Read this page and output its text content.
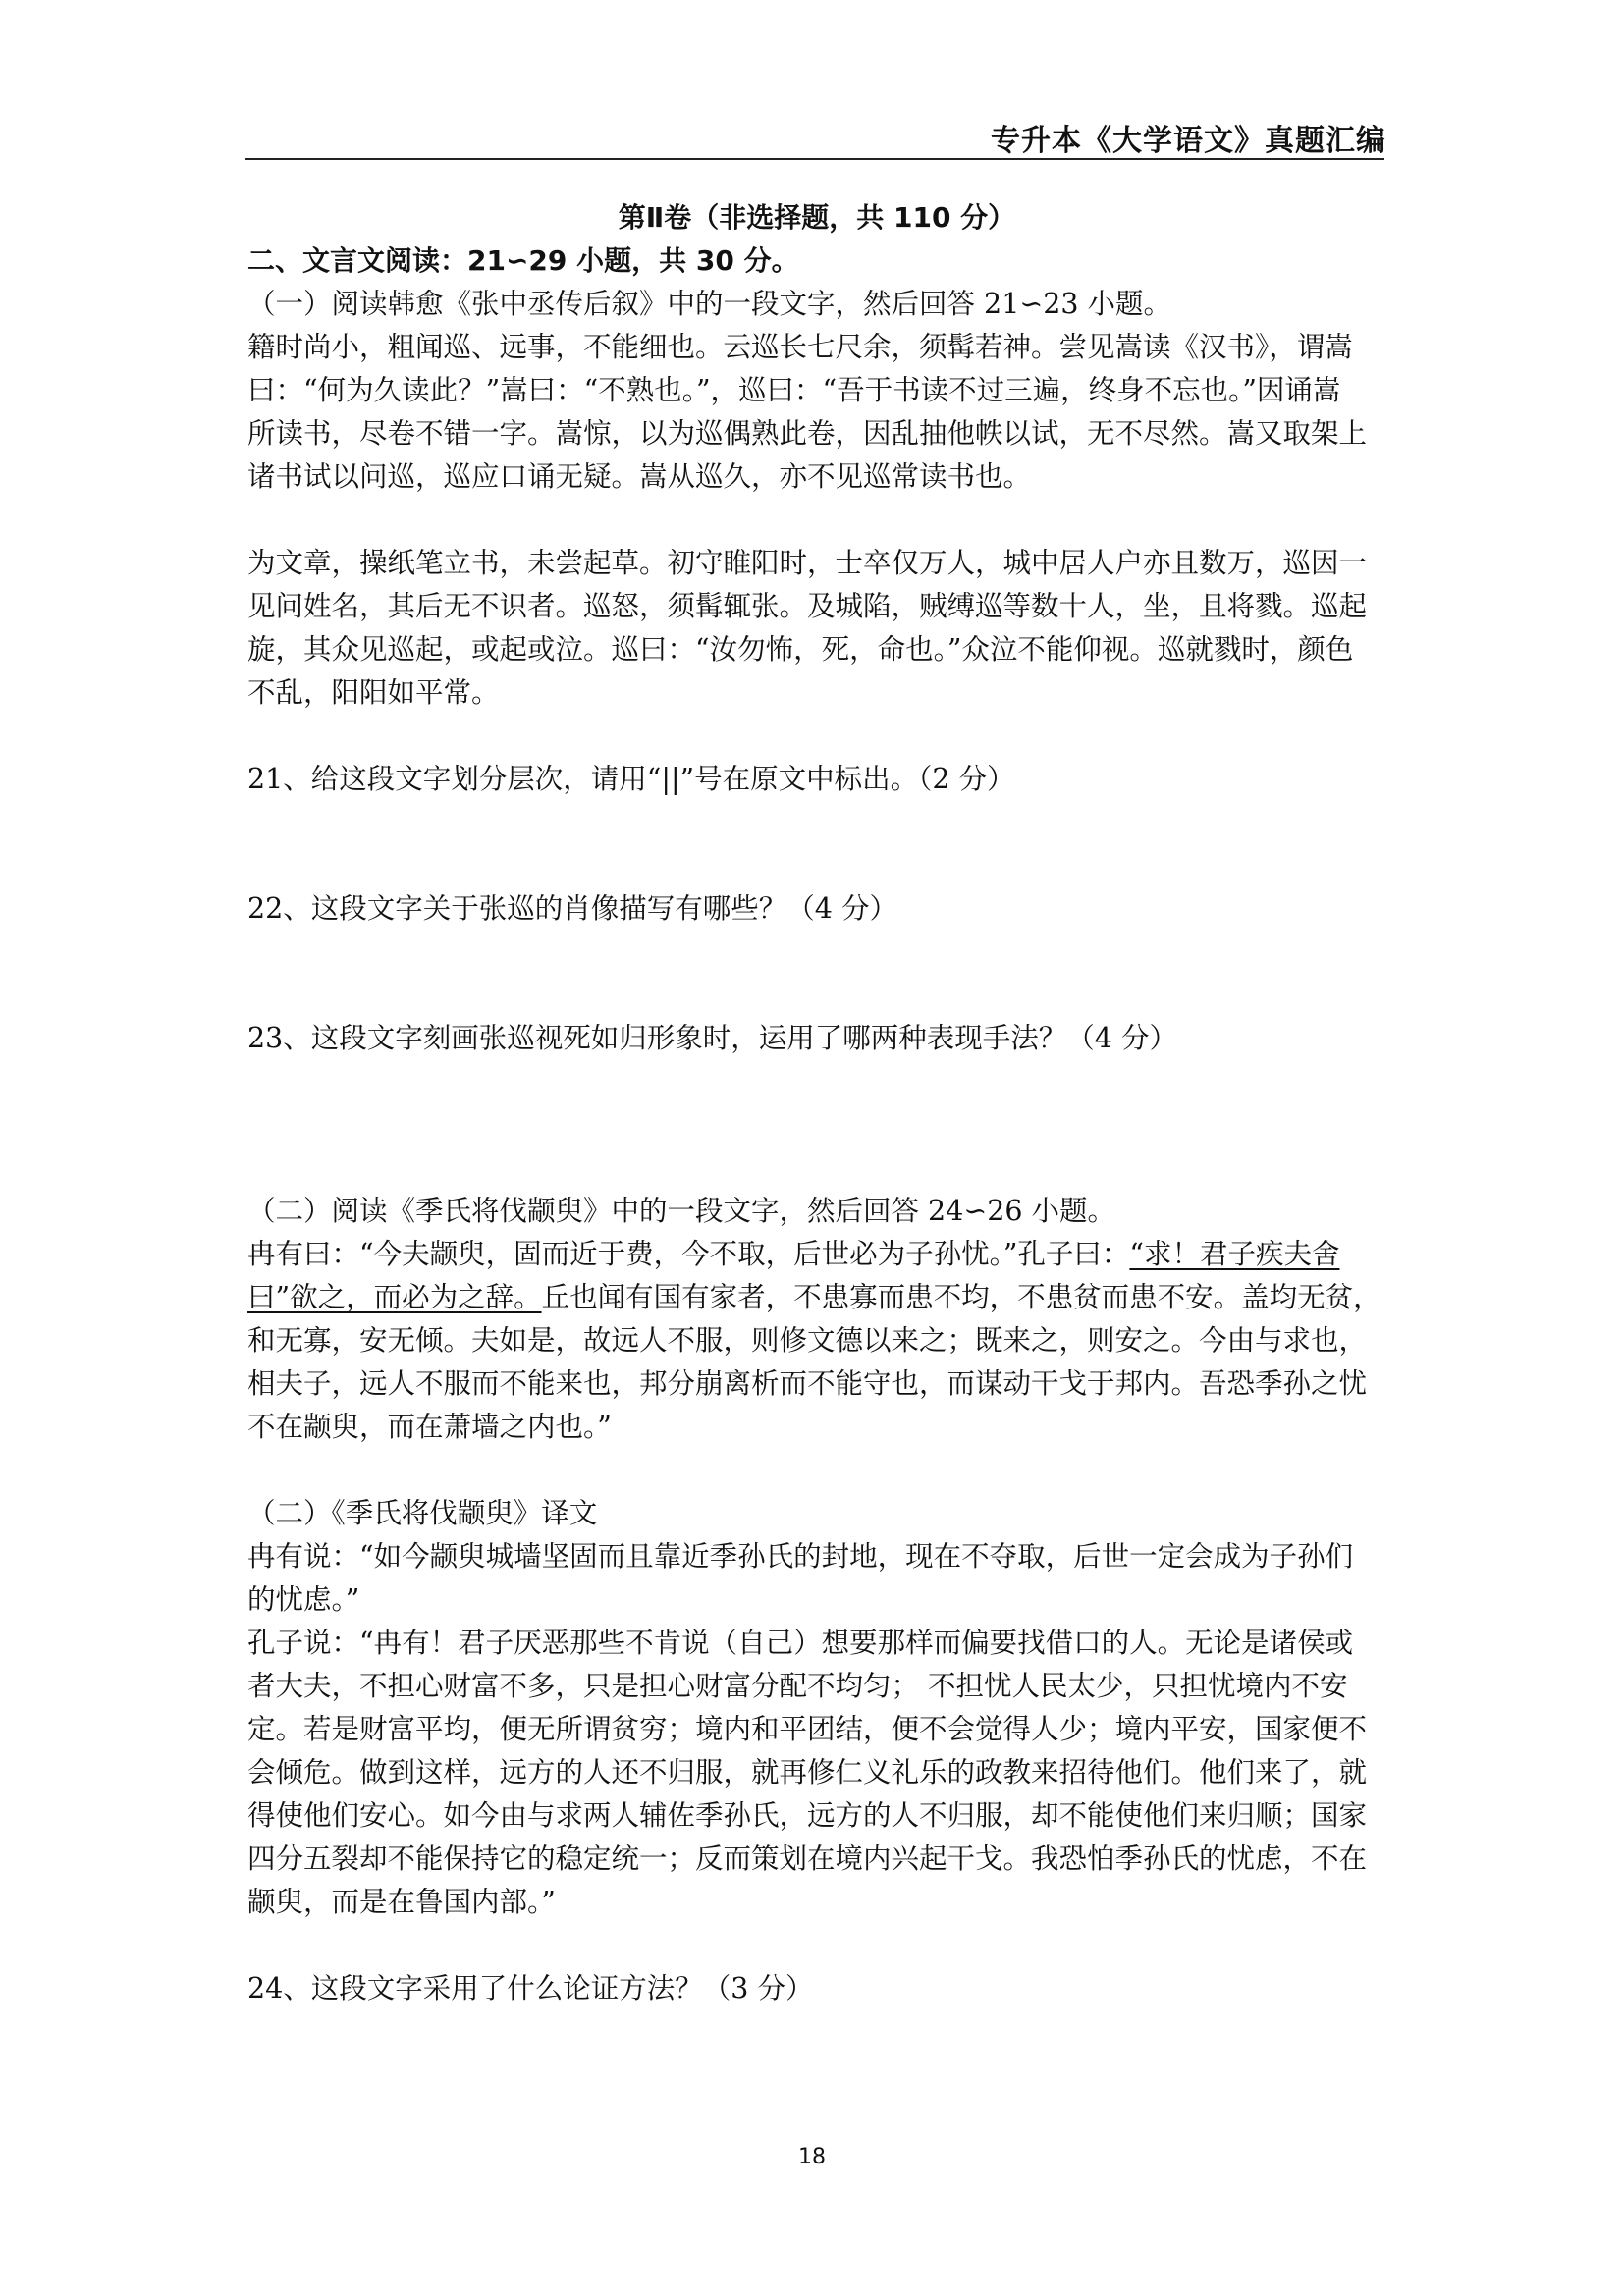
专升本《大学语文》真题汇编
第Ⅱ卷（非选择题，共 110 分）
二、文言文阅读：21∽29 小题，共 30 分。
（一）阅读韩愈《张中丞传后叙》中的一段文字，然后回答 21∽23 小题。
籍时尚小，粗闻巡、远事，不能细也。云巡长七尺余，须髯若神。尝见嵩读《汉书》，谓嵩
曰：“何为久读此？”嵩曰：“不熟也。”，巡曰：“吾于书读不过三遍，终身不忘也。”因诵嵩
所读书，尽卷不错一字。嵩惊，以为巡偶熟此卷，因乱抽他帙以试，无不尽然。嵩又取架上
诸书试以问巡，巡应口诵无疑。嵩从巡久，亦不见巡常读书也。
为文章，操纸笔立书，未尝起草。初守睢阳时，士卒仅万人，城中居人户亦且数万，巡因一
见问姓名，其后无不识者。巡怒，须髯辄张。及城陷，贼缚巡等数十人，坐，且将戮。巡起
旋，其众见巡起，或起或泣。巡曰：“汝勿怖，死，命也。”众泣不能仰视。巡就戮时，颜色
不乱，阳阳如平常。
21、给这段文字划分层次，请用“||”号在原文中标出。（2 分）
22、这段文字关于张巡的肖像描写有哪些？（4 分）
23、这段文字刻画张巡视死如归形象时，运用了哪两种表现手法？（4 分）
（二）阅读《季氏将伐颛臾》中的一段文字，然后回答 24∽26 小题。
冉有曰：“今夫颛臾，固而近于费，今不取，后世必为子孙忧。”孔子曰：“求！君子疾夫舍
曰”欲之，而必为之辞。丘也闻有国有家者，不患寡而患不均，不患贫而患不安。盖均无贫，
和无寡，安无倾。夫如是，故远人不服，则修文德以来之；既来之，则安之。今由与求也，
相夫子，远人不服而不能来也，邦分崩离析而不能守也，而谋动干戈于邦内。吾恐季孙之忧
不在颛臾，而在萧墙之内也。”
（二）《季氏将伐颛臾》译文
冉有说：“如今颛臾城墙坚固而且靠近季孙氏的封地，现在不夺取，后世一定会成为子孙们
的忧虑。”
孔子说：“冉有！君子厌恶那些不肯说（自己）想要那样而偏要找借口的人。无论是诸侯或
者大夫，不担心财富不多，只是担心财富分配不均匀； 不担忧人民太少，只担忧境内不安
定。若是财富平均，便无所谓贫穷；境内和平团结，便不会觉得人少；境内平安，国家便不
会倾危。做到这样，远方的人还不归服，就再修仁义礼乐的政教来招待他们。他们来了，就
得使他们安心。如今由与求两人辅佐季孙氏，远方的人不归服，却不能使他们来归顺；国家
四分五裂却不能保持它的稳定统一；反而策划在境内兴起干戈。我恐怕季孙氏的忧虑，不在
颛臾，而是在鲁国内部。”
24、这段文字采用了什么论证方法？（3 分）
18
